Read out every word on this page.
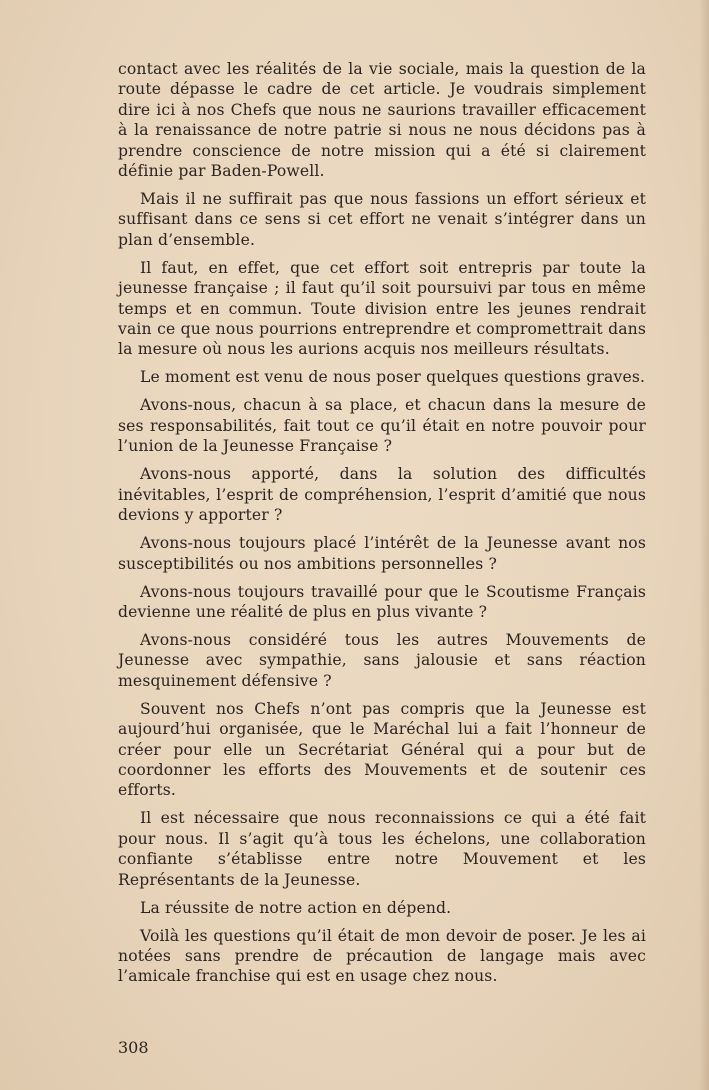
contact avec les réalités de la vie sociale, mais la question de la route dépasse le cadre de cet article. Je voudrais simplement dire ici à nos Chefs que nous ne saurions travailler efficacement à la renaissance de notre patrie si nous ne nous décidons pas à prendre conscience de notre mission qui a été si clairement définie par Baden-Powell.

Mais il ne suffirait pas que nous fassions un effort sérieux et suffisant dans ce sens si cet effort ne venait s’intégrer dans un plan d’ensemble.

Il faut, en effet, que cet effort soit entrepris par toute la jeunesse française ; il faut qu’il soit poursuivi par tous en même temps et en commun. Toute division entre les jeunes rendrait vain ce que nous pourrions entreprendre et compromettrait dans la mesure où nous les aurions acquis nos meilleurs résultats.

Le moment est venu de nous poser quelques questions graves.

Avons-nous, chacun à sa place, et chacun dans la mesure de ses responsabilités, fait tout ce qu’il était en notre pouvoir pour l’union de la Jeunesse Française ?

Avons-nous apporté, dans la solution des difficultés inévitables, l’esprit de compréhension, l’esprit d’amitié que nous devions y apporter ?

Avons-nous toujours placé l’intérêt de la Jeunesse avant nos susceptibilités ou nos ambitions personnelles ?

Avons-nous toujours travaillé pour que le Scoutisme Français devienne une réalité de plus en plus vivante ?

Avons-nous considéré tous les autres Mouvements de Jeunesse avec sympathie, sans jalousie et sans réaction mesquinement défensive ?

Souvent nos Chefs n’ont pas compris que la Jeunesse est aujourd’hui organisée, que le Maréchal lui a fait l’honneur de créer pour elle un Secrétariat Général qui a pour but de coordonner les efforts des Mouvements et de soutenir ces efforts.

Il est nécessaire que nous reconnaissions ce qui a été fait pour nous. Il s’agit qu’à tous les échelons, une collaboration confiante s’établisse entre notre Mouvement et les Représentants de la Jeunesse.

La réussite de notre action en dépend.

Voilà les questions qu’il était de mon devoir de poser. Je les ai notées sans prendre de précaution de langage mais avec l’amicale franchise qui est en usage chez nous.

308
